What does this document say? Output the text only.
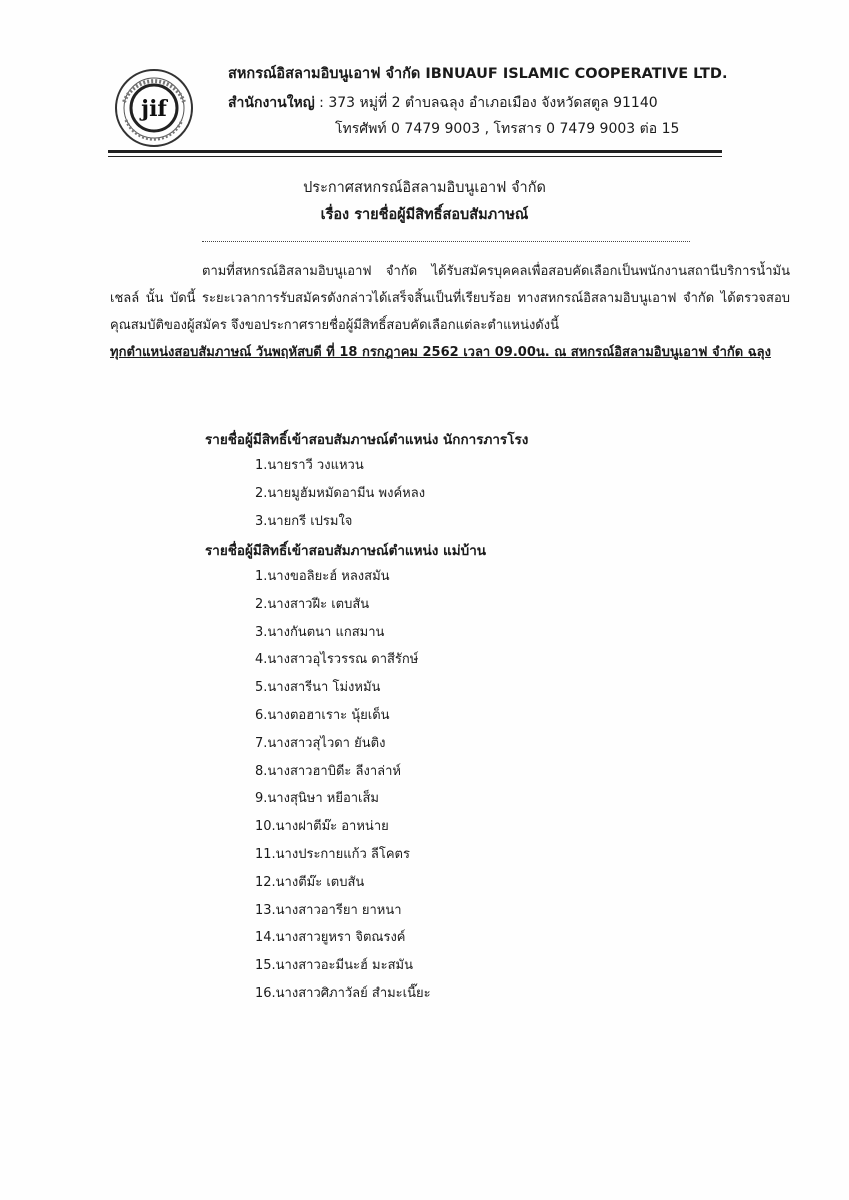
jif
สหกรณ์อิสลามอิบนูเอาฟ จำกัด IBNUAUF ISLAMIC COOPERATIVE LTD.
สำนักงานใหญ่ : 373 หมู่ที่ 2 ตำบลฉลุง อำเภอเมือง จังหวัดสตูล 91140
โทรศัพท์ 0 7479 9003 , โทรสาร 0 7479 9003 ต่อ 15
ประกาศสหกรณ์อิสลามอิบนูเอาฟ จำกัด
เรื่อง รายชื่อผู้มีสิทธิ์สอบสัมภาษณ์
ตามที่สหกรณ์อิสลามอิบนูเอาฟ จำกัด ได้รับสมัครบุคคลเพื่อสอบคัดเลือกเป็นพนักงานสถานีบริการน้ำมันเชลล์ นั้น บัดนี้ ระยะเวลาการรับสมัครดังกล่าวได้เสร็จสิ้นเป็นที่เรียบร้อย ทางสหกรณ์อิสลามอิบนูเอาฟ จำกัด ได้ตรวจสอบคุณสมบัติของผู้สมัคร จึงขอประกาศรายชื่อผู้มีสิทธิ์สอบคัดเลือกแต่ละตำแหน่งดังนี้
ทุกตำแหน่งสอบสัมภาษณ์ วันพฤหัสบดี ที่ 18 กรกฎาคม 2562 เวลา 09.00น. ณ สหกรณ์อิสลามอิบนูเอาฟ จำกัด ฉลุง
รายชื่อผู้มีสิทธิ์เข้าสอบสัมภาษณ์ตำแหน่ง นักการภารโรง
1.นายราวี วงแหวน
2.นายมูฮัมหมัดอามีน พงค์หลง
3.นายกรี เปรมใจ
รายชื่อผู้มีสิทธิ์เข้าสอบสัมภาษณ์ตำแหน่ง แม่บ้าน
1.นางขอลิยะฮ์ หลงสมัน
2.นางสาวฝีะ เตบสัน
3.นางกันตนา แกสมาน
4.นางสาวอุไรวรรณ ดาสีรักษ์
5.นางสารีนา โม่งหมัน
6.นางตอฮาเราะ นุ้ยเด็น
7.นางสาวสุไวดา ยันติง
8.นางสาวฮาบิดีะ ลีงาล่าห์
9.นางสุนิษา หยีอาเส็ม
10.นางฝาตีม๊ะ อาหน่าย
11.นางประกายแก้ว ลีโคตร
12.นางตีม๊ะ เตบสัน
13.นางสาวอารียา ยาหนา
14.นางสาวยูหรา จิตณรงค์
15.นางสาวอะมีนะฮ์ มะสมัน
16.นางสาวศิภาวัลย์ สำมะเนี๊ยะ
